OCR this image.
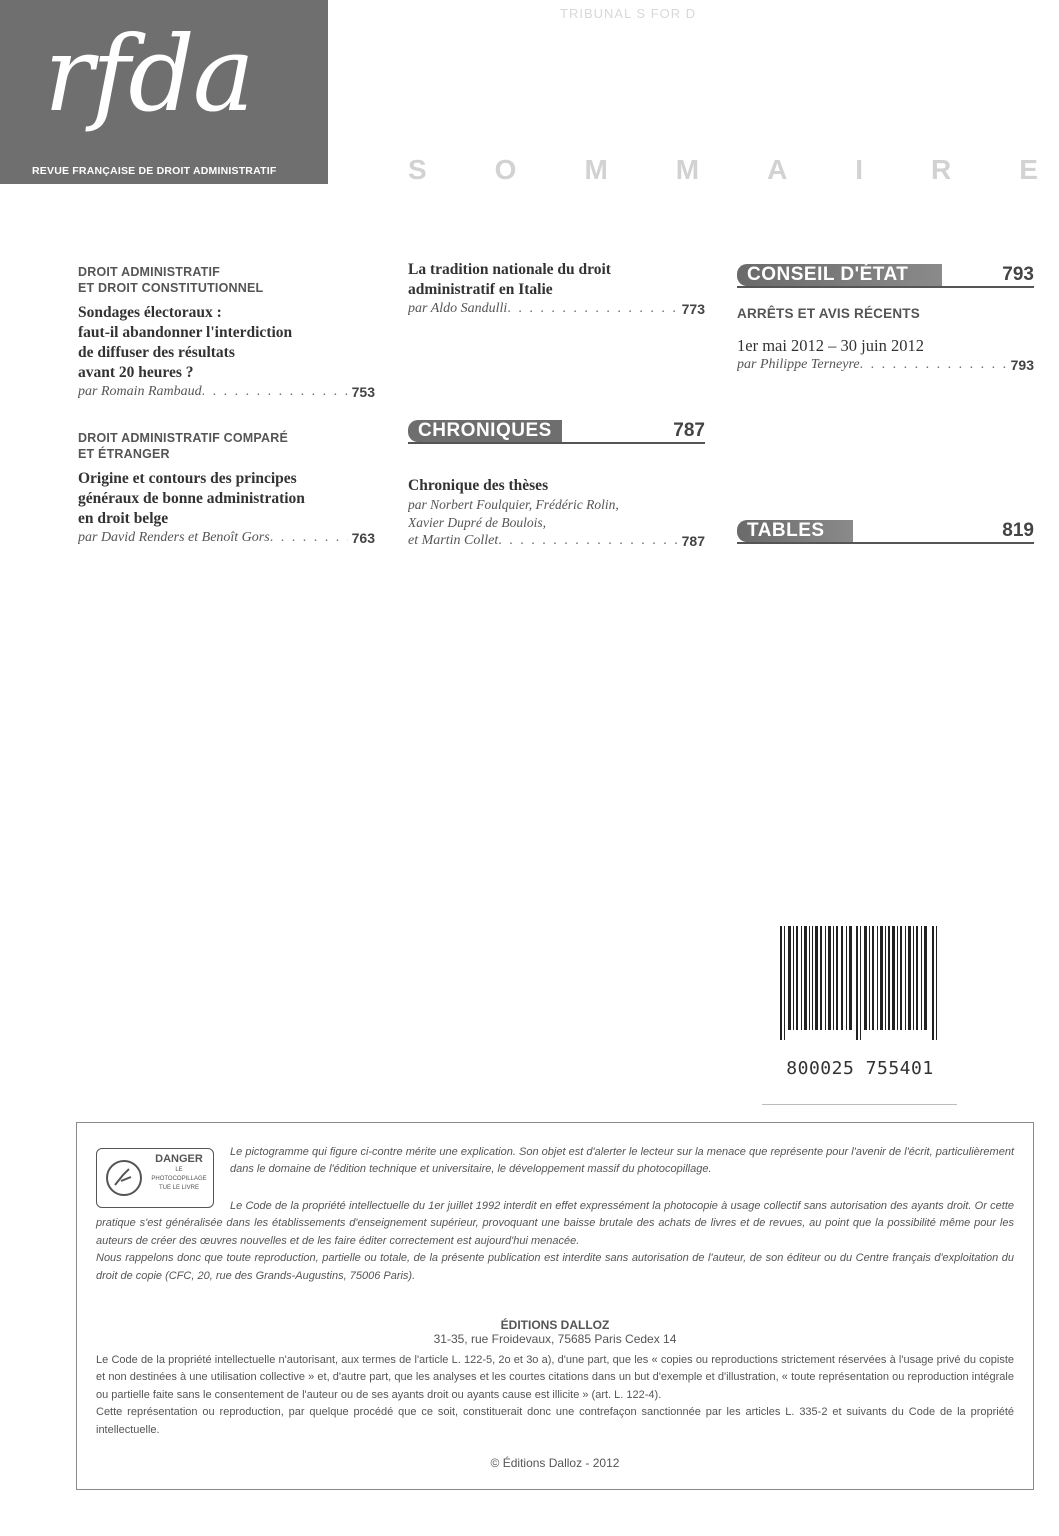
rfda
REVUE FRANÇAISE DE DROIT ADMINISTRATIF
TRIBUNAL S FOR D
S O M M A I R E
DROIT ADMINISTRATIF
ET DROIT CONSTITUTIONNEL
Sondages électoraux :
faut-il abandonner l'interdiction
de diffuser des résultats
avant 20 heures ?
par Romain Rambaud . . .	753
DROIT ADMINISTRATIF COMPARÉ
ET ÉTRANGER
Origine et contours des principes
généraux de bonne administration
en droit belge
par David Renders et Benoît Gors . . .	763
La tradition nationale du droit
administratif en Italie
par Aldo Sandulli . . .	773
CHRONIQUES	787
Chronique des thèses
par Norbert Foulquier, Frédéric Rolin,
Xavier Dupré de Boulois,
et Martin Collet . . .	787
CONSEIL D'ÉTAT	793
ARRÊTS ET AVIS RÉCENTS
1er mai 2012 – 30 juin 2012
par Philippe Terneyre . . .	793
TABLES	819
800025 755401
DANGER
LE
PHOTOCOPILLAGE
TUE LE LIVRE
Le pictogramme qui figure ci-contre mérite une explication. Son objet est d'alerter le lecteur sur la menace que représente pour l'avenir de l'écrit, particulièrement dans le domaine de l'édition technique et universitaire, le développement massif du photocopillage.
Le Code de la propriété intellectuelle du 1er juillet 1992 interdit en effet expressément la photocopie à usage collectif sans autorisation des ayants droit. Or cette pratique s'est généralisée dans les établissements d'enseignement supérieur, provoquant une baisse brutale des achats de livres et de revues, au point que la possibilité même pour les auteurs de créer des œuvres nouvelles et de les faire éditer correctement est aujourd'hui menacée.
Nous rappelons donc que toute reproduction, partielle ou totale, de la présente publication est interdite sans autorisation de l'auteur, de son éditeur ou du Centre français d'exploitation du droit de copie (CFC, 20, rue des Grands-Augustins, 75006 Paris).
ÉDITIONS DALLOZ
31-35, rue Froidevaux, 75685 Paris Cedex 14
Le Code de la propriété intellectuelle n'autorisant, aux termes de l'article L. 122-5, 2o et 3o a), d'une part, que les « copies ou reproductions strictement réservées à l'usage privé du copiste et non destinées à une utilisation collective » et, d'autre part, que les analyses et les courtes citations dans un but d'exemple et d'illustration, « toute représentation ou reproduction intégrale ou partielle faite sans le consentement de l'auteur ou de ses ayants droit ou ayants cause est illicite » (art. L. 122-4).
Cette représentation ou reproduction, par quelque procédé que ce soit, constituerait donc une contrefaçon sanctionnée par les articles L. 335-2 et suivants du Code de la propriété intellectuelle.
© Éditions Dalloz - 2012
